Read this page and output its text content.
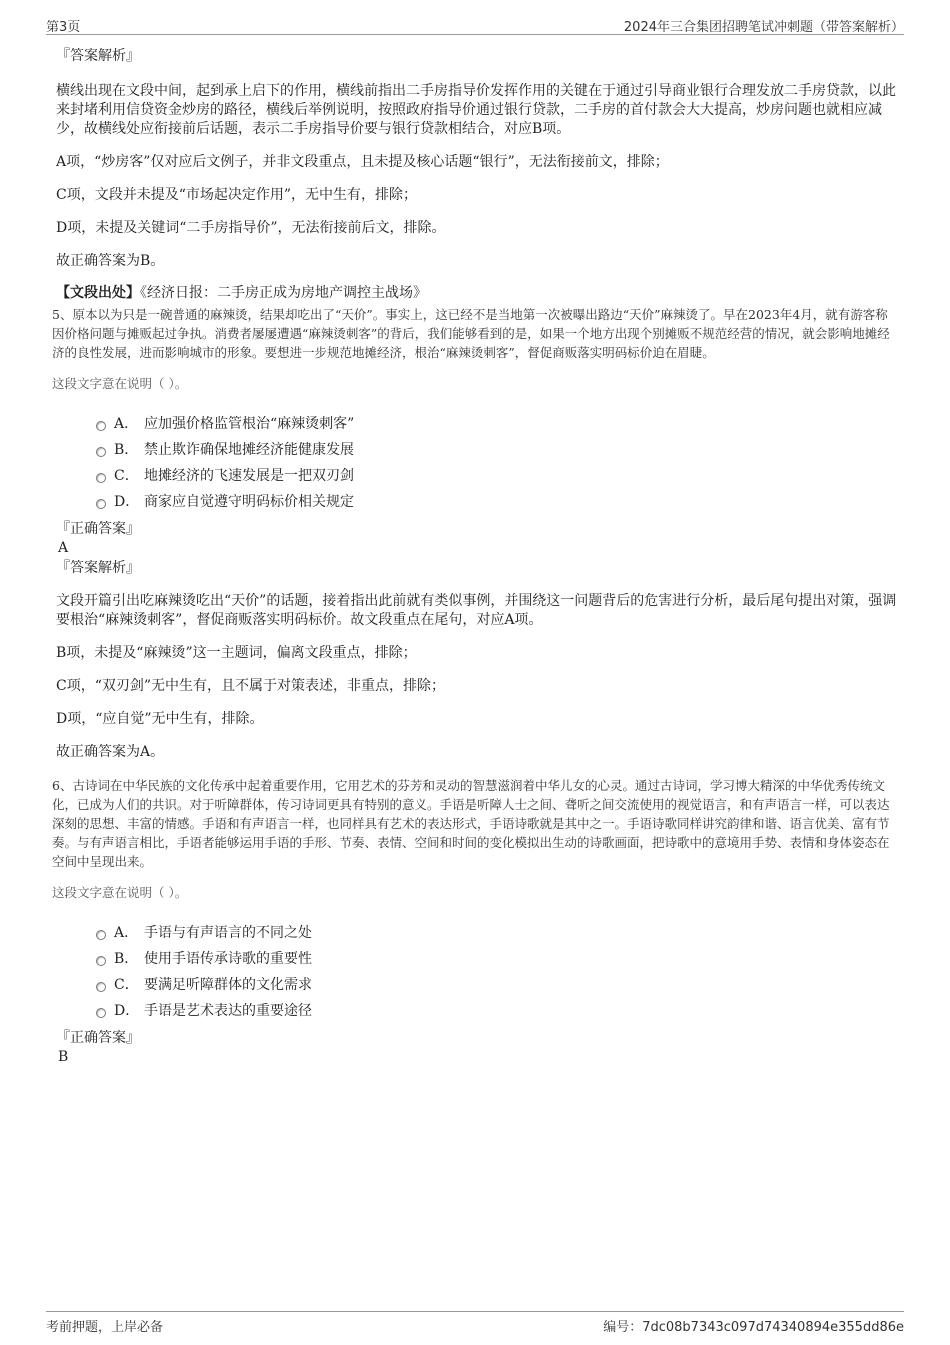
第3页	2024年三合集团招聘笔试冲刺题（带答案解析）
『答案解析』

横线出现在文段中间，起到承上启下的作用，横线前指出二手房指导价发挥作用的关键在于通过引导商业银行合理发放二手房贷款，以此来封堵利用信贷资金炒房的路径，横线后举例说明，按照政府指导价通过银行贷款，二手房的首付款会大大提高，炒房问题也就相应减少，故横线处应衔接前后话题，表示二手房指导价要与银行贷款相结合，对应B项。

A项，“炒房客”仅对应后文例子，并非文段重点，且未提及核心话题“银行”，无法衔接前文，排除；

C项，文段并未提及“市场起决定作用”，无中生有，排除；

D项，未提及关键词“二手房指导价”，无法衔接前后文，排除。

故正确答案为B。

【文段出处】《经济日报：二手房正成为房地产调控主战场》
5、原本以为只是一碗普通的麻辣烫，结果却吃出了“天价”。事实上，这已经不是当地第一次被曝出路边“天价”麻辣烫了。早在2023年4月，就有游客称因价格问题与摊贩起过争执。消费者屡屡遭遇“麻辣烫刺客”的背后，我们能够看到的是，如果一个地方出现个别摊贩不规范经营的情况，就会影响地摊经济的良性发展，进而影响城市的形象。要想进一步规范地摊经济，根治“麻辣烫刺客”，督促商贩落实明码标价迫在眉睫。
这段文字意在说明（ ）。
A． 应加强价格监管根治“麻辣烫刺客”
B． 禁止欺诈确保地摊经济能健康发展
C． 地摊经济的飞速发展是一把双刃剑
D． 商家应自觉遵守明码标价相关规定
『正确答案』
A
『答案解析』

文段开篇引出吃麻辣烫吃出“天价”的话题，接着指出此前就有类似事例，并围绕这一问题背后的危害进行分析，最后尾句提出对策，强调要根治“麻辣烫刺客”，督促商贩落实明码标价。故文段重点在尾句，对应A项。

B项，未提及“麻辣烫”这一主题词，偏离文段重点，排除；

C项，“双刃剑”无中生有，且不属于对策表述，非重点，排除；

D项，“应自觉”无中生有，排除。

故正确答案为A。

6、古诗词在中华民族的文化传承中起着重要作用，它用艺术的芬芳和灵动的智慧滋润着中华儿女的心灵。通过古诗词，学习博大精深的中华优秀传统文化，已成为人们的共识。对于听障群体，传习诗词更具有特别的意义。手语是听障人士之间、聋听之间交流使用的视觉语言，和有声语言一样，可以表达深刻的思想、丰富的情感。手语和有声语言一样，也同样具有艺术的表达形式，手语诗歌就是其中之一。手语诗歌同样讲究韵律和谐、语言优美、富有节奏。与有声语言相比，手语者能够运用手语的手形、节奏、表情、空间和时间的变化模拟出生动的诗歌画面，把诗歌中的意境用手势、表情和身体姿态在空间中呈现出来。
这段文字意在说明（ ）。
A． 手语与有声语言的不同之处
B． 使用手语传承诗歌的重要性
C． 要满足听障群体的文化需求
D． 手语是艺术表达的重要途径
『正确答案』
B
考前押题，上岸必备	编号：7dc08b7343c097d74340894e355dd86e
